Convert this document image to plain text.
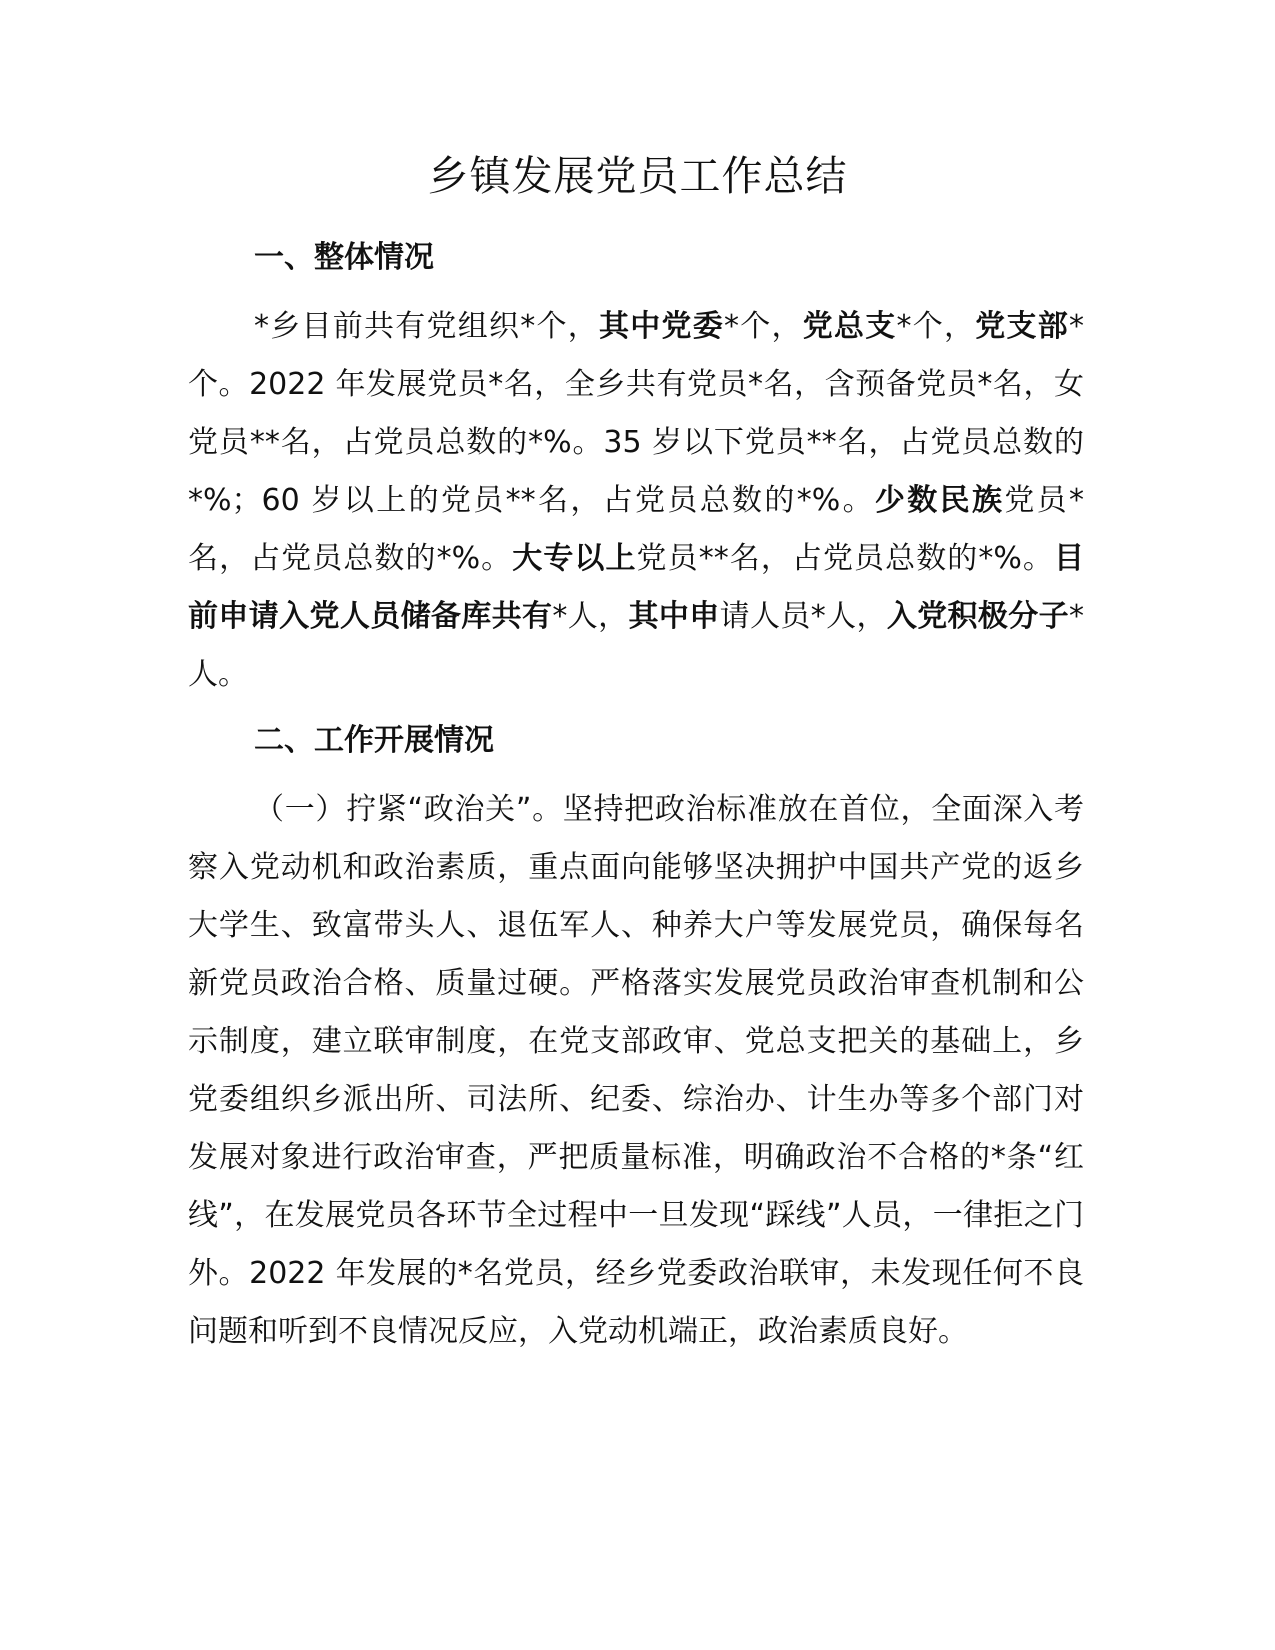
乡镇发展党员工作总结

一、整体情况

*乡目前共有党组织*个，其中党委*个，党总支*个，党支部*个。2022 年发展党员*名，全乡共有党员*名，含预备党员*名，女党员**名，占党员总数的*%。35 岁以下党员**名，占党员总数的*%；60 岁以上的党员**名，占党员总数的*%。少数民族党员*名，占党员总数的*%。大专以上党员**名，占党员总数的*%。目前申请入党人员储备库共有*人，其中申请人员*人，入党积极分子*人。

二、工作开展情况

（一）拧紧“政治关”。坚持把政治标准放在首位，全面深入考察入党动机和政治素质，重点面向能够坚决拥护中国共产党的返乡大学生、致富带头人、退伍军人、种养大户等发展党员，确保每名新党员政治合格、质量过硬。严格落实发展党员政治审查机制和公示制度，建立联审制度，在党支部政审、党总支把关的基础上，乡党委组织乡派出所、司法所、纪委、综治办、计生办等多个部门对发展对象进行政治审查，严把质量标准，明确政治不合格的*条“红线”，在发展党员各环节全过程中一旦发现“踩线”人员，一律拒之门外。2022 年发展的*名党员，经乡党委政治联审，未发现任何不良问题和听到不良情况反应，入党动机端正，政治素质良好。
